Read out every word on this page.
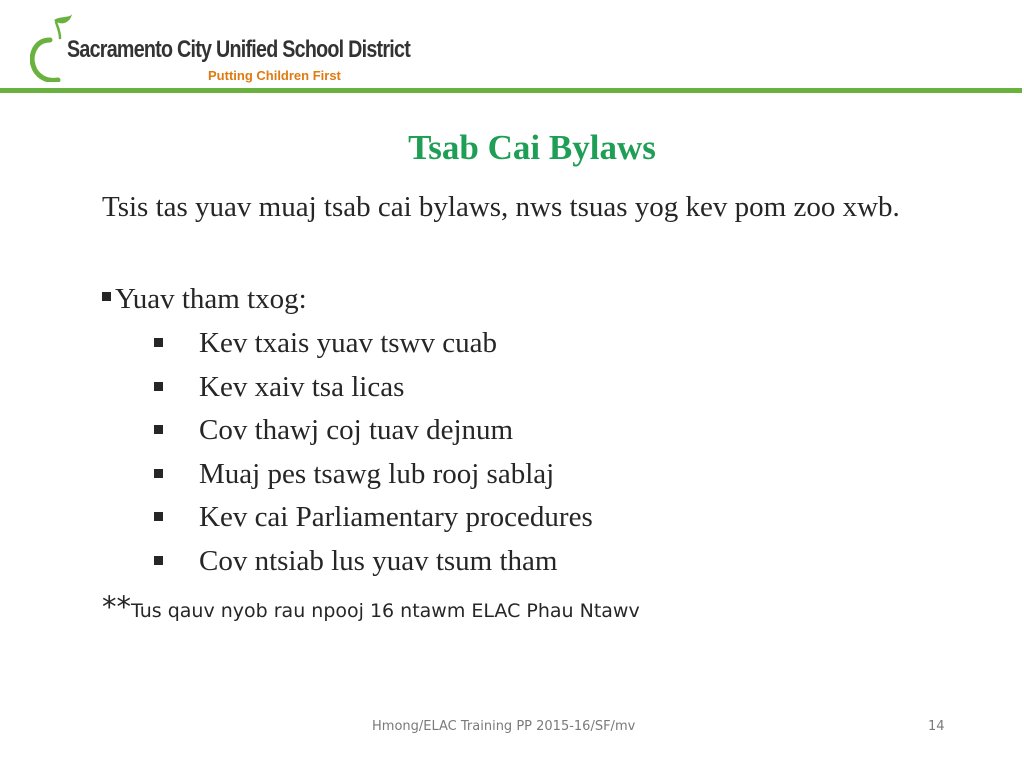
Sacramento City Unified School District
Putting Children First
Tsab Cai Bylaws
Tsis tas yuav muaj tsab cai bylaws, nws tsuas yog kev pom zoo xwb.
Yuav tham txog:
Kev txais yuav tswv cuab
Kev xaiv tsa licas
Cov thawj coj tuav dejnum
Muaj pes tsawg lub rooj sablaj
Kev cai Parliamentary procedures
Cov ntsiab lus yuav tsum tham
**Tus qauv nyob rau npooj 16 ntawm ELAC Phau Ntawv
Hmong/ELAC Training PP 2015-16/SF/mv	14
